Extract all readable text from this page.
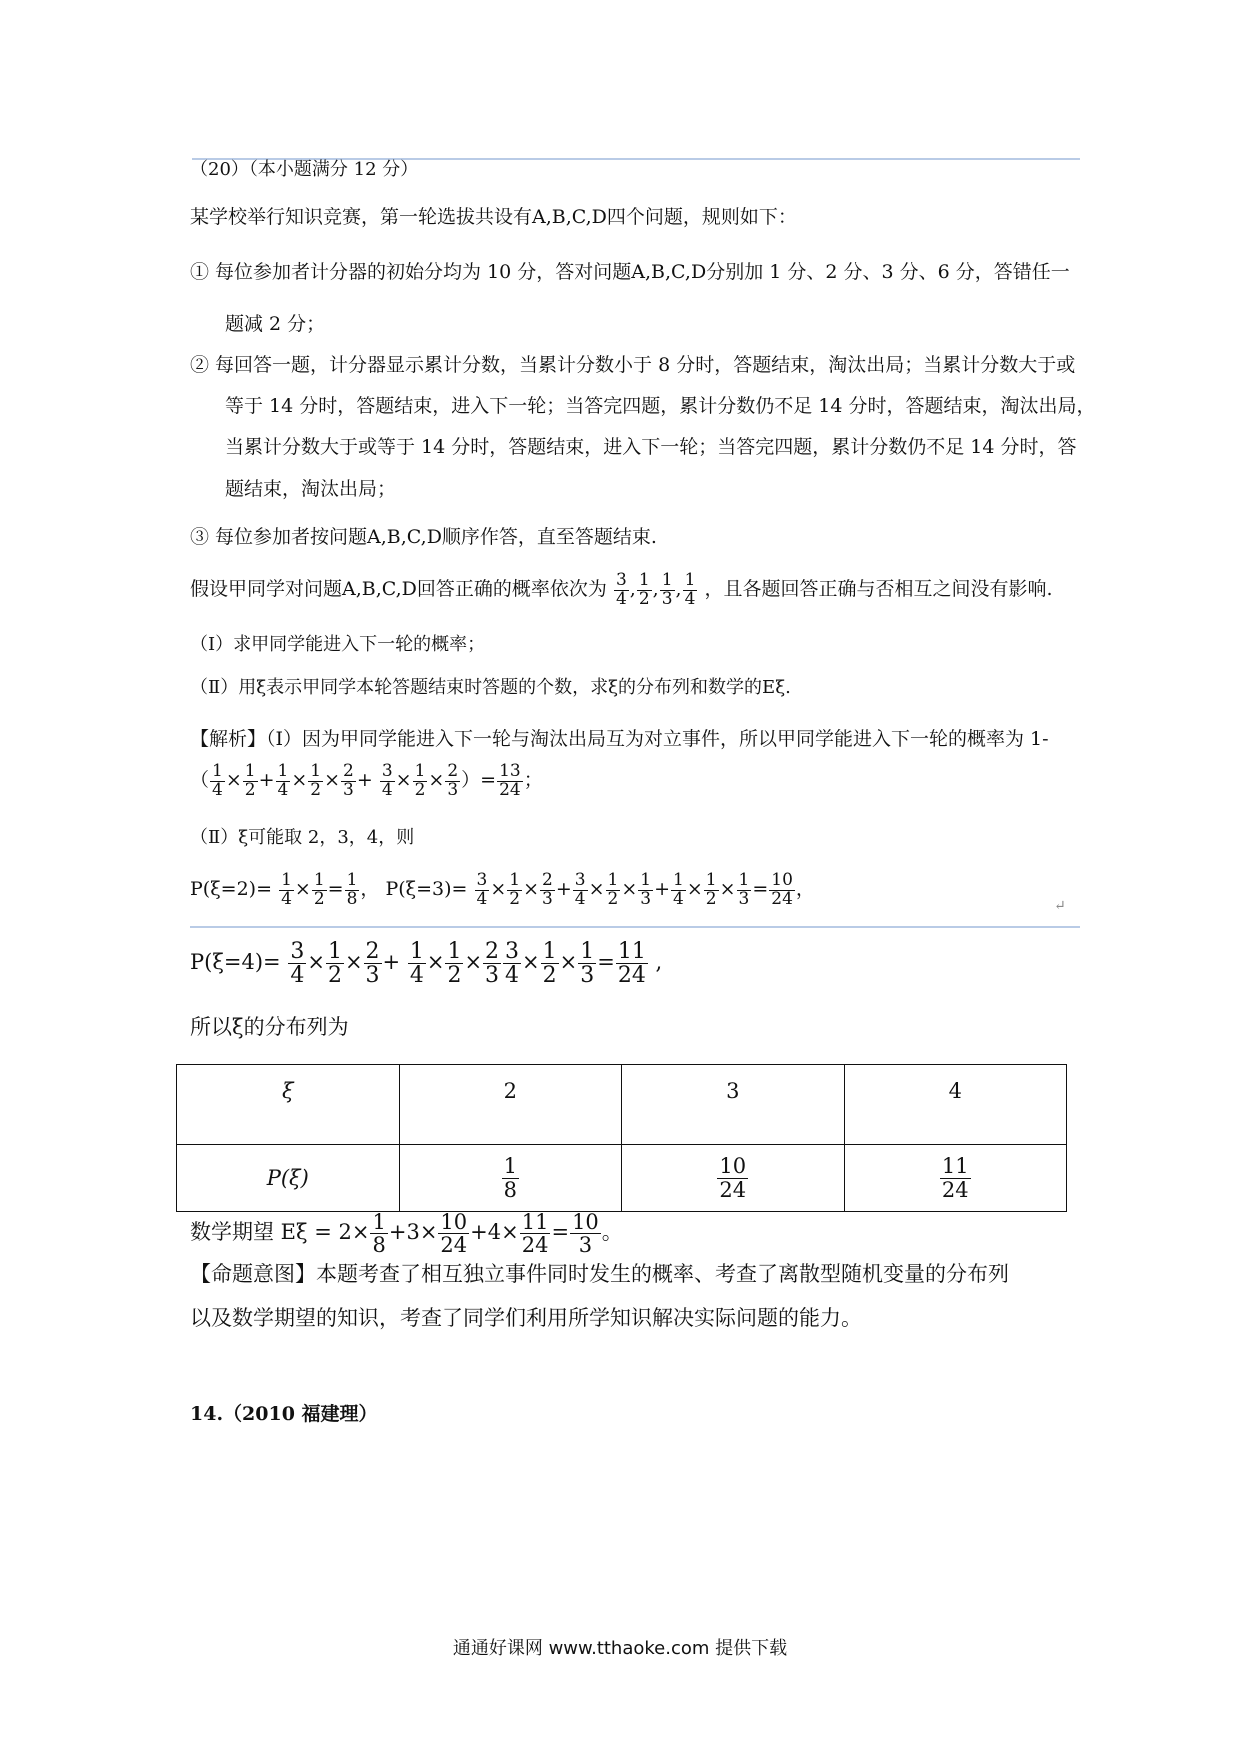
（20）（本小题满分 12 分）
某学校举行知识竞赛，第一轮选拔共设有A,B,C,D四个问题，规则如下：
① 每位参加者计分器的初始分均为 10 分，答对问题A,B,C,D分别加 1 分、2 分、3 分、6 分，答错任一
题减 2 分；
② 每回答一题，计分器显示累计分数，当累计分数小于 8 分时，答题结束，淘汰出局；当累计分数大于或
等于 14 分时，答题结束，进入下一轮；当答完四题，累计分数仍不足 14 分时，答题结束，淘汰出局，
当累计分数大于或等于 14 分时，答题结束，进入下一轮；当答完四题，累计分数仍不足 14 分时，答
题结束，淘汰出局；
③ 每位参加者按问题A,B,C,D顺序作答，直至答题结束.
假设甲同学对问题A,B,C,D回答正确的概率依次为 $\frac{3}{4}$ , $\frac{1}{2}$ , $\frac{1}{3}$ , $\frac{1}{4}$ ，且各题回答正确与否相互之间没有影响.
（Ⅰ）求甲同学能进入下一轮的概率；
（Ⅱ）用ξ表示甲同学本轮答题结束时答题的个数，求ξ的分布列和数学的Eξ.
【解析】（Ⅰ）因为甲同学能进入下一轮与淘汰出局互为对立事件，所以甲同学能进入下一轮的概率为 1-
（ $\frac{1}{4} \times \frac{1}{2} + \frac{1}{4} \times \frac{1}{2} \times \frac{2}{3} + \frac{3}{4} \times \frac{1}{2} \times \frac{2}{3}$ ）= $\frac{13}{24}$ ；
（Ⅱ）ξ可能取 2，3，4，则
$P(\xi=2)= \frac{1}{4} \times \frac{1}{2} = \frac{1}{8}$ ， $P(\xi=3)= \frac{3}{4} \times \frac{1}{2} \times \frac{2}{3} + \frac{3}{4} \times \frac{1}{2} \times \frac{1}{3} + \frac{1}{4} \times \frac{1}{2} \times \frac{1}{3} = \frac{10}{24}$ ，
↵
$P(\xi=4)= \frac{3}{4} \times \frac{1}{2} \times \frac{2}{3} + \frac{1}{4} \times \frac{1}{2} \times \frac{2}{3} \frac{3}{4} \times \frac{1}{2} \times \frac{1}{3} = \frac{11}{24}$ ,
所以ξ的分布列为
ξ	2	3	4
P(ξ)	$\frac{1}{8}$	$\frac{10}{24}$	$\frac{11}{24}$
数学期望 $E\xi = 2\times \frac{1}{8} +3\times \frac{10}{24} +4\times \frac{11}{24} = \frac{10}{3}$ 。
【命题意图】本题考查了相互独立事件同时发生的概率、考查了离散型随机变量的分布列
以及数学期望的知识，考查了同学们利用所学知识解决实际问题的能力。
14.（2010 福建理）
通通好课网 www.tthaoke.com 提供下载
